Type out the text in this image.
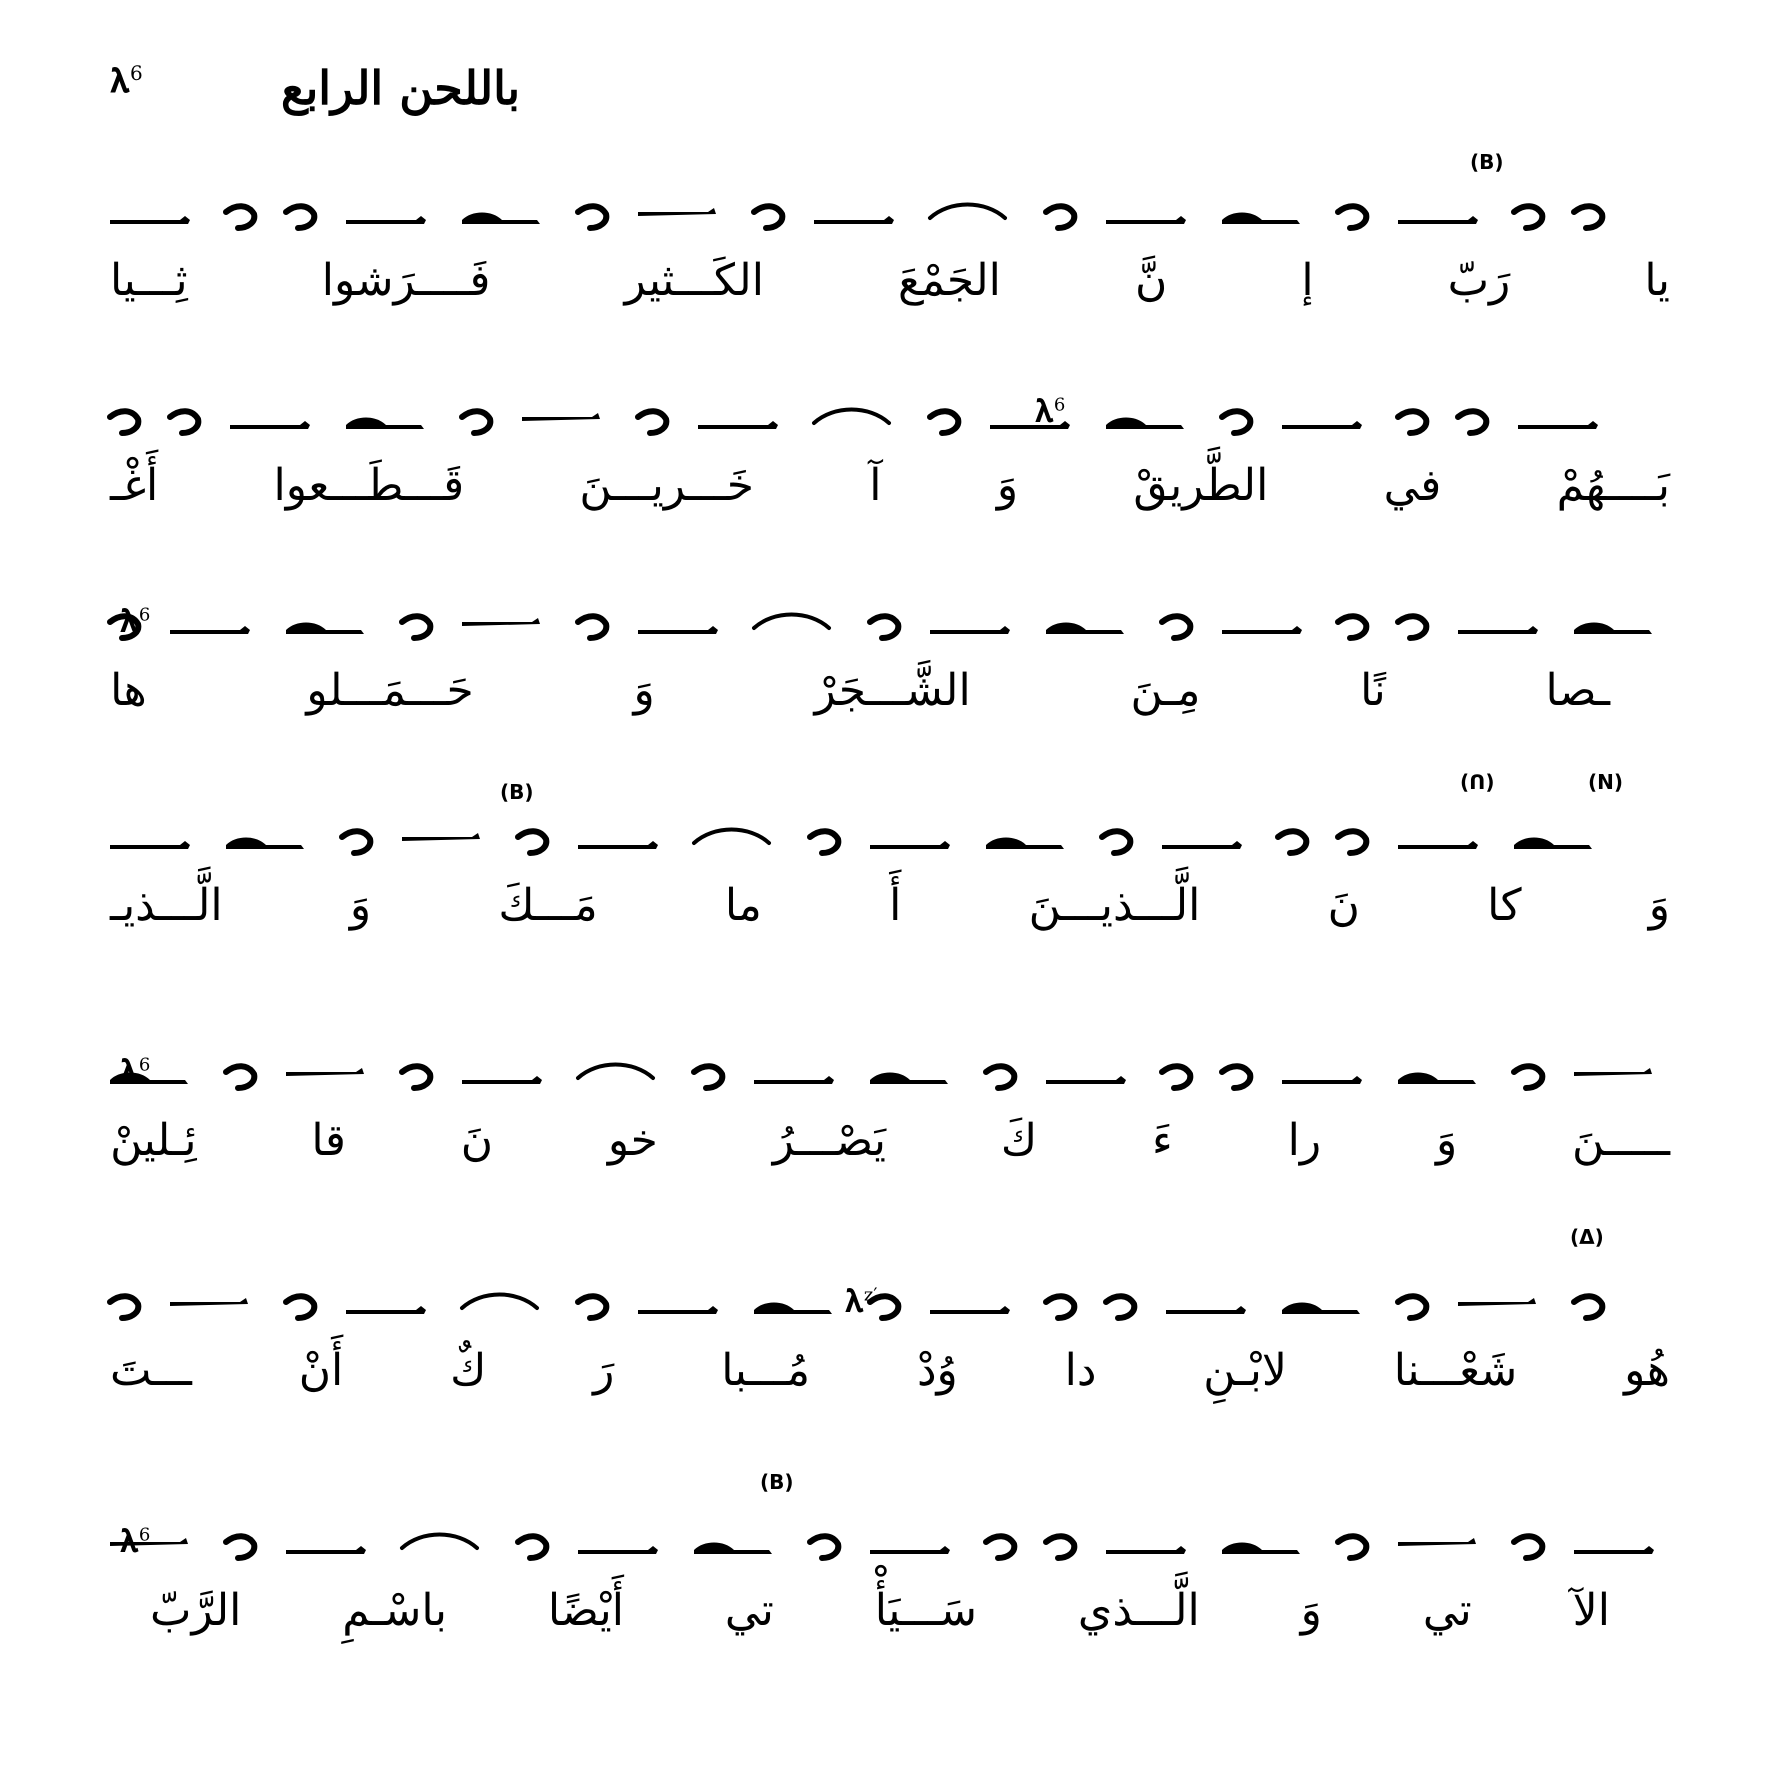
𝛌$^6$	باللحن الرابع
(B)
يا
رَبّ
إ
نَّ
الجَمْعَ
الكَـــثير
فَــــرَشوا
ثِـــيا
𝛌$^6$
بَــــهُمْ
في
الطَّريقْ
وَ
آ
خَـــريـــنَ
قَـــطَـــعوا
أَغْـ
𝛌$^6$
ـصا
نًا
مِـنَ
الشَّـــجَرْ
وَ
حَـــمَـــلو
ها
(N)
(ᑎ)
(B)
وَ
كا
نَ
الَّـــذيـــنَ
أَ
ما
مَـــكَ
وَ
الَّـــذيـ
𝛌$^6$
ـــــنَ
وَ
را
ءَ
كَ
يَصْـــرُ
خو
نَ
قا
ئِـلينْ
(Δ)
𝛌$^{z'}$
هُو
شَعْـــنا
لابْـنِ
دا
وُدْ
مُـــبا
رَ
كٌ
أَنْ
ـــتَ
(B)
𝛌$^6$
الآ
تي
وَ
الَّـــذي
سَـــيَأْ
تي
أَيْضًا
باسْـمِ
الرَّبّ
